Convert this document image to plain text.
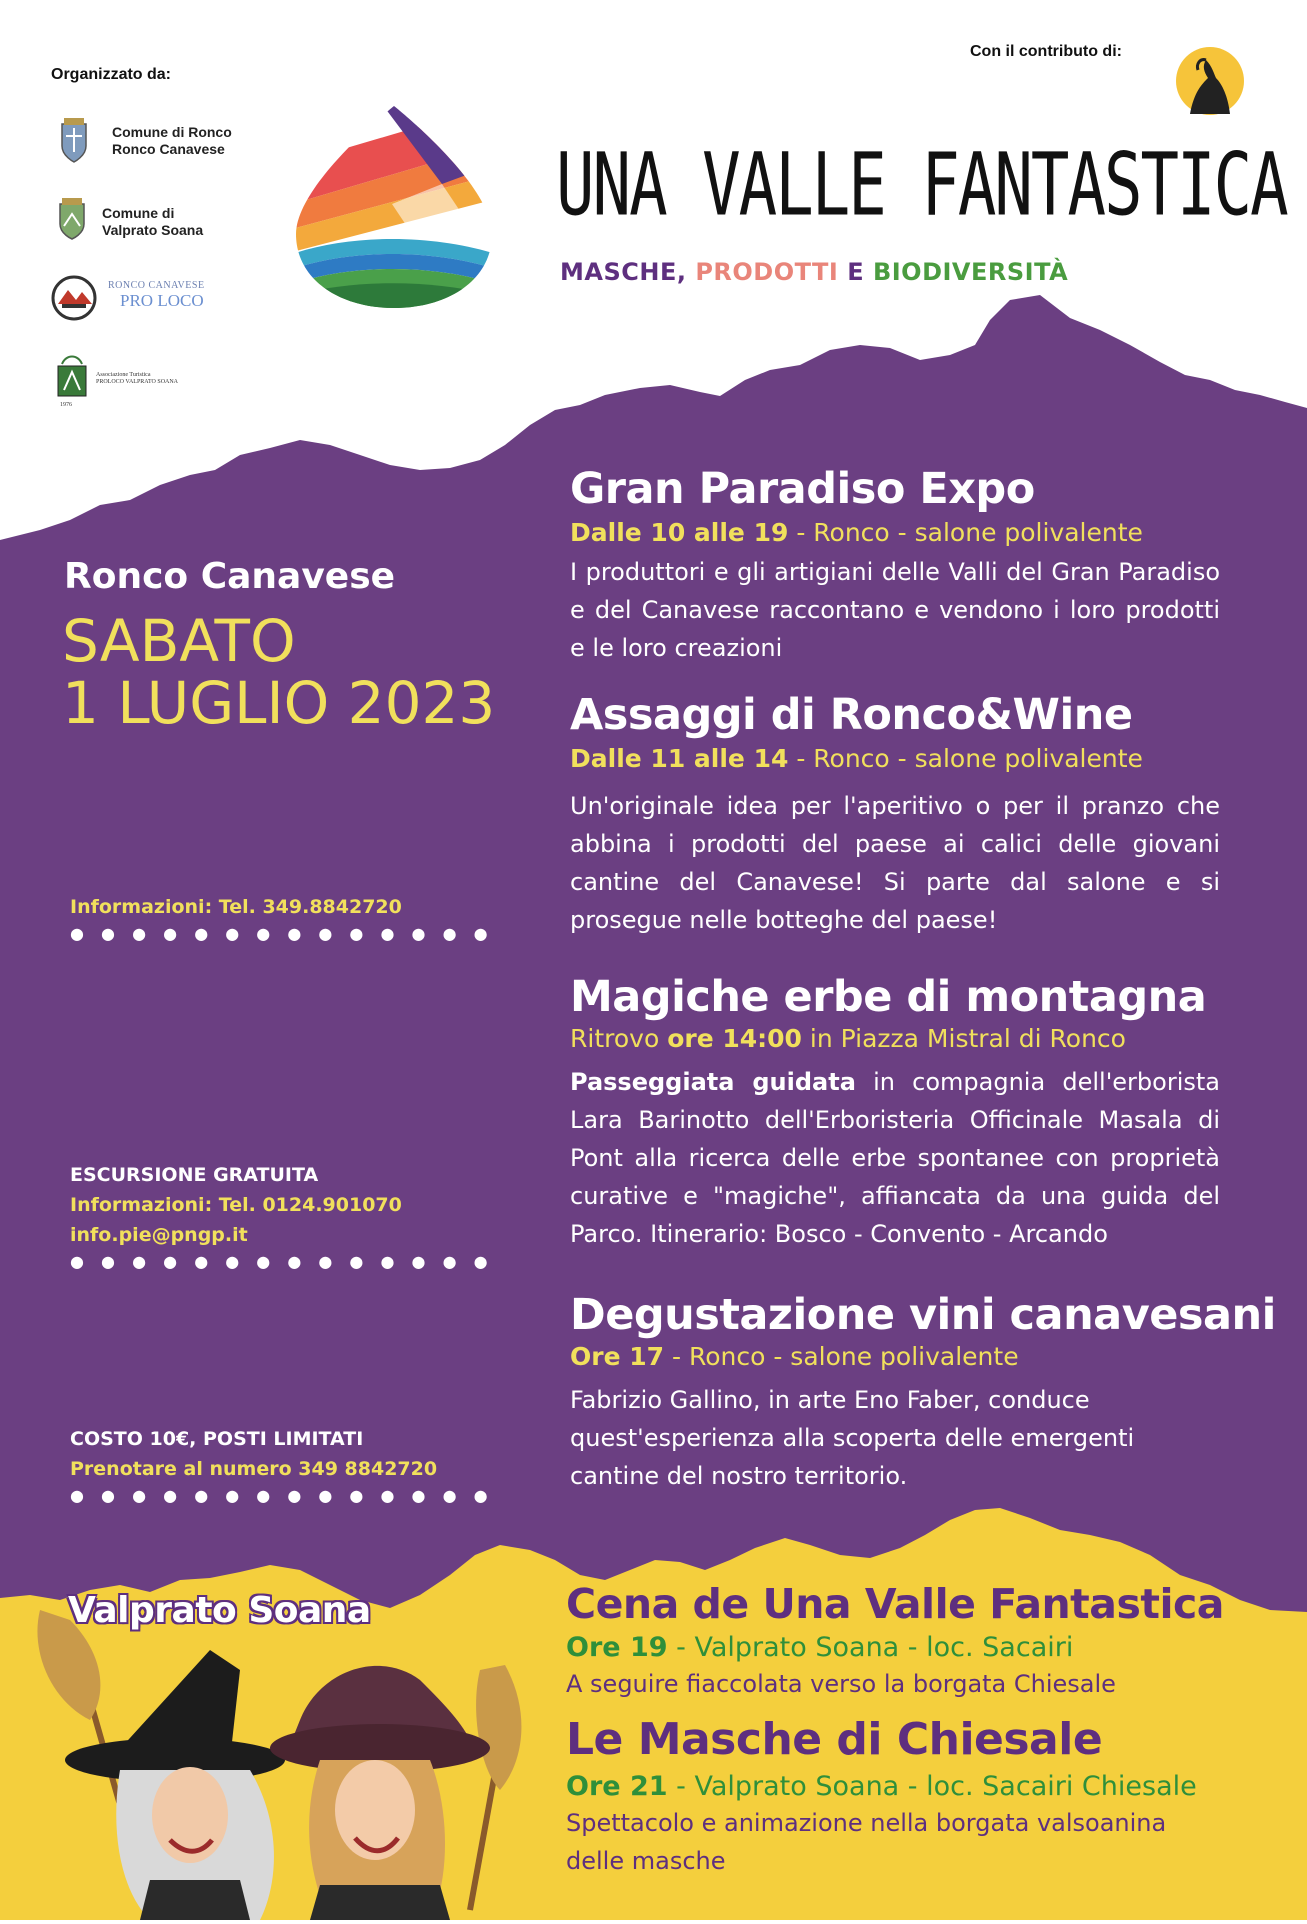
Organizzato da:
Con il contributo di:
Comune di Ronco
Ronco Canavese
Comune di
Valprato Soana
RONCO CANAVESE
PRO LOCO
1976
Associazione Turistica
PROLOCO VALPRATO SOANA
UNA VALLE FANTASTICA
MASCHE, PRODOTTI E BIODIVERSITÀ
Ronco Canavese
SABATO
1 LUGLIO 2023
Informazioni: Tel. 349.8842720
● ● ● ● ● ● ● ● ● ● ● ● ● ●
ESCURSIONE GRATUITA
Informazioni: Tel. 0124.901070
info.pie@pngp.it
● ● ● ● ● ● ● ● ● ● ● ● ● ●
COSTO 10€, POSTI LIMITATI
Prenotare al numero 349 8842720
● ● ● ● ● ● ● ● ● ● ● ● ● ●
Gran Paradiso Expo
Dalle 10 alle 19 - Ronco - salone polivalente
I produttori e gli artigiani delle Valli del Gran Paradiso e del Canavese raccontano e vendono i loro prodotti e le loro creazioni
Assaggi di Ronco&Wine
Dalle 11 alle 14 - Ronco - salone polivalente
Un'originale idea per l'aperitivo o per il pranzo che abbina i prodotti del paese ai calici delle giovani cantine del Canavese! Si parte dal salone e si prosegue nelle botteghe del paese!
Magiche erbe di montagna
Ritrovo ore 14:00 in Piazza Mistral di Ronco
Passeggiata guidata in compagnia dell'erborista Lara Barinotto dell'Erboristeria Officinale Masala di Pont alla ricerca delle erbe spontanee con proprietà curative e "magiche", affiancata da una guida del Parco. Itinerario: Bosco - Convento - Arcando
Degustazione vini canavesani
Ore 17 - Ronco - salone polivalente
Fabrizio Gallino, in arte Eno Faber, conduce quest'esperienza alla scoperta delle emergenti cantine del nostro territorio.
Valprato Soana	Cena de Una Valle Fantastica
Ore 19 - Valprato Soana - loc. Sacairi
A seguire fiaccolata verso la borgata Chiesale
Le Masche di Chiesale
Ore 21 - Valprato Soana - loc. Sacairi Chiesale
Spettacolo e animazione nella borgata valsoanina delle masche
